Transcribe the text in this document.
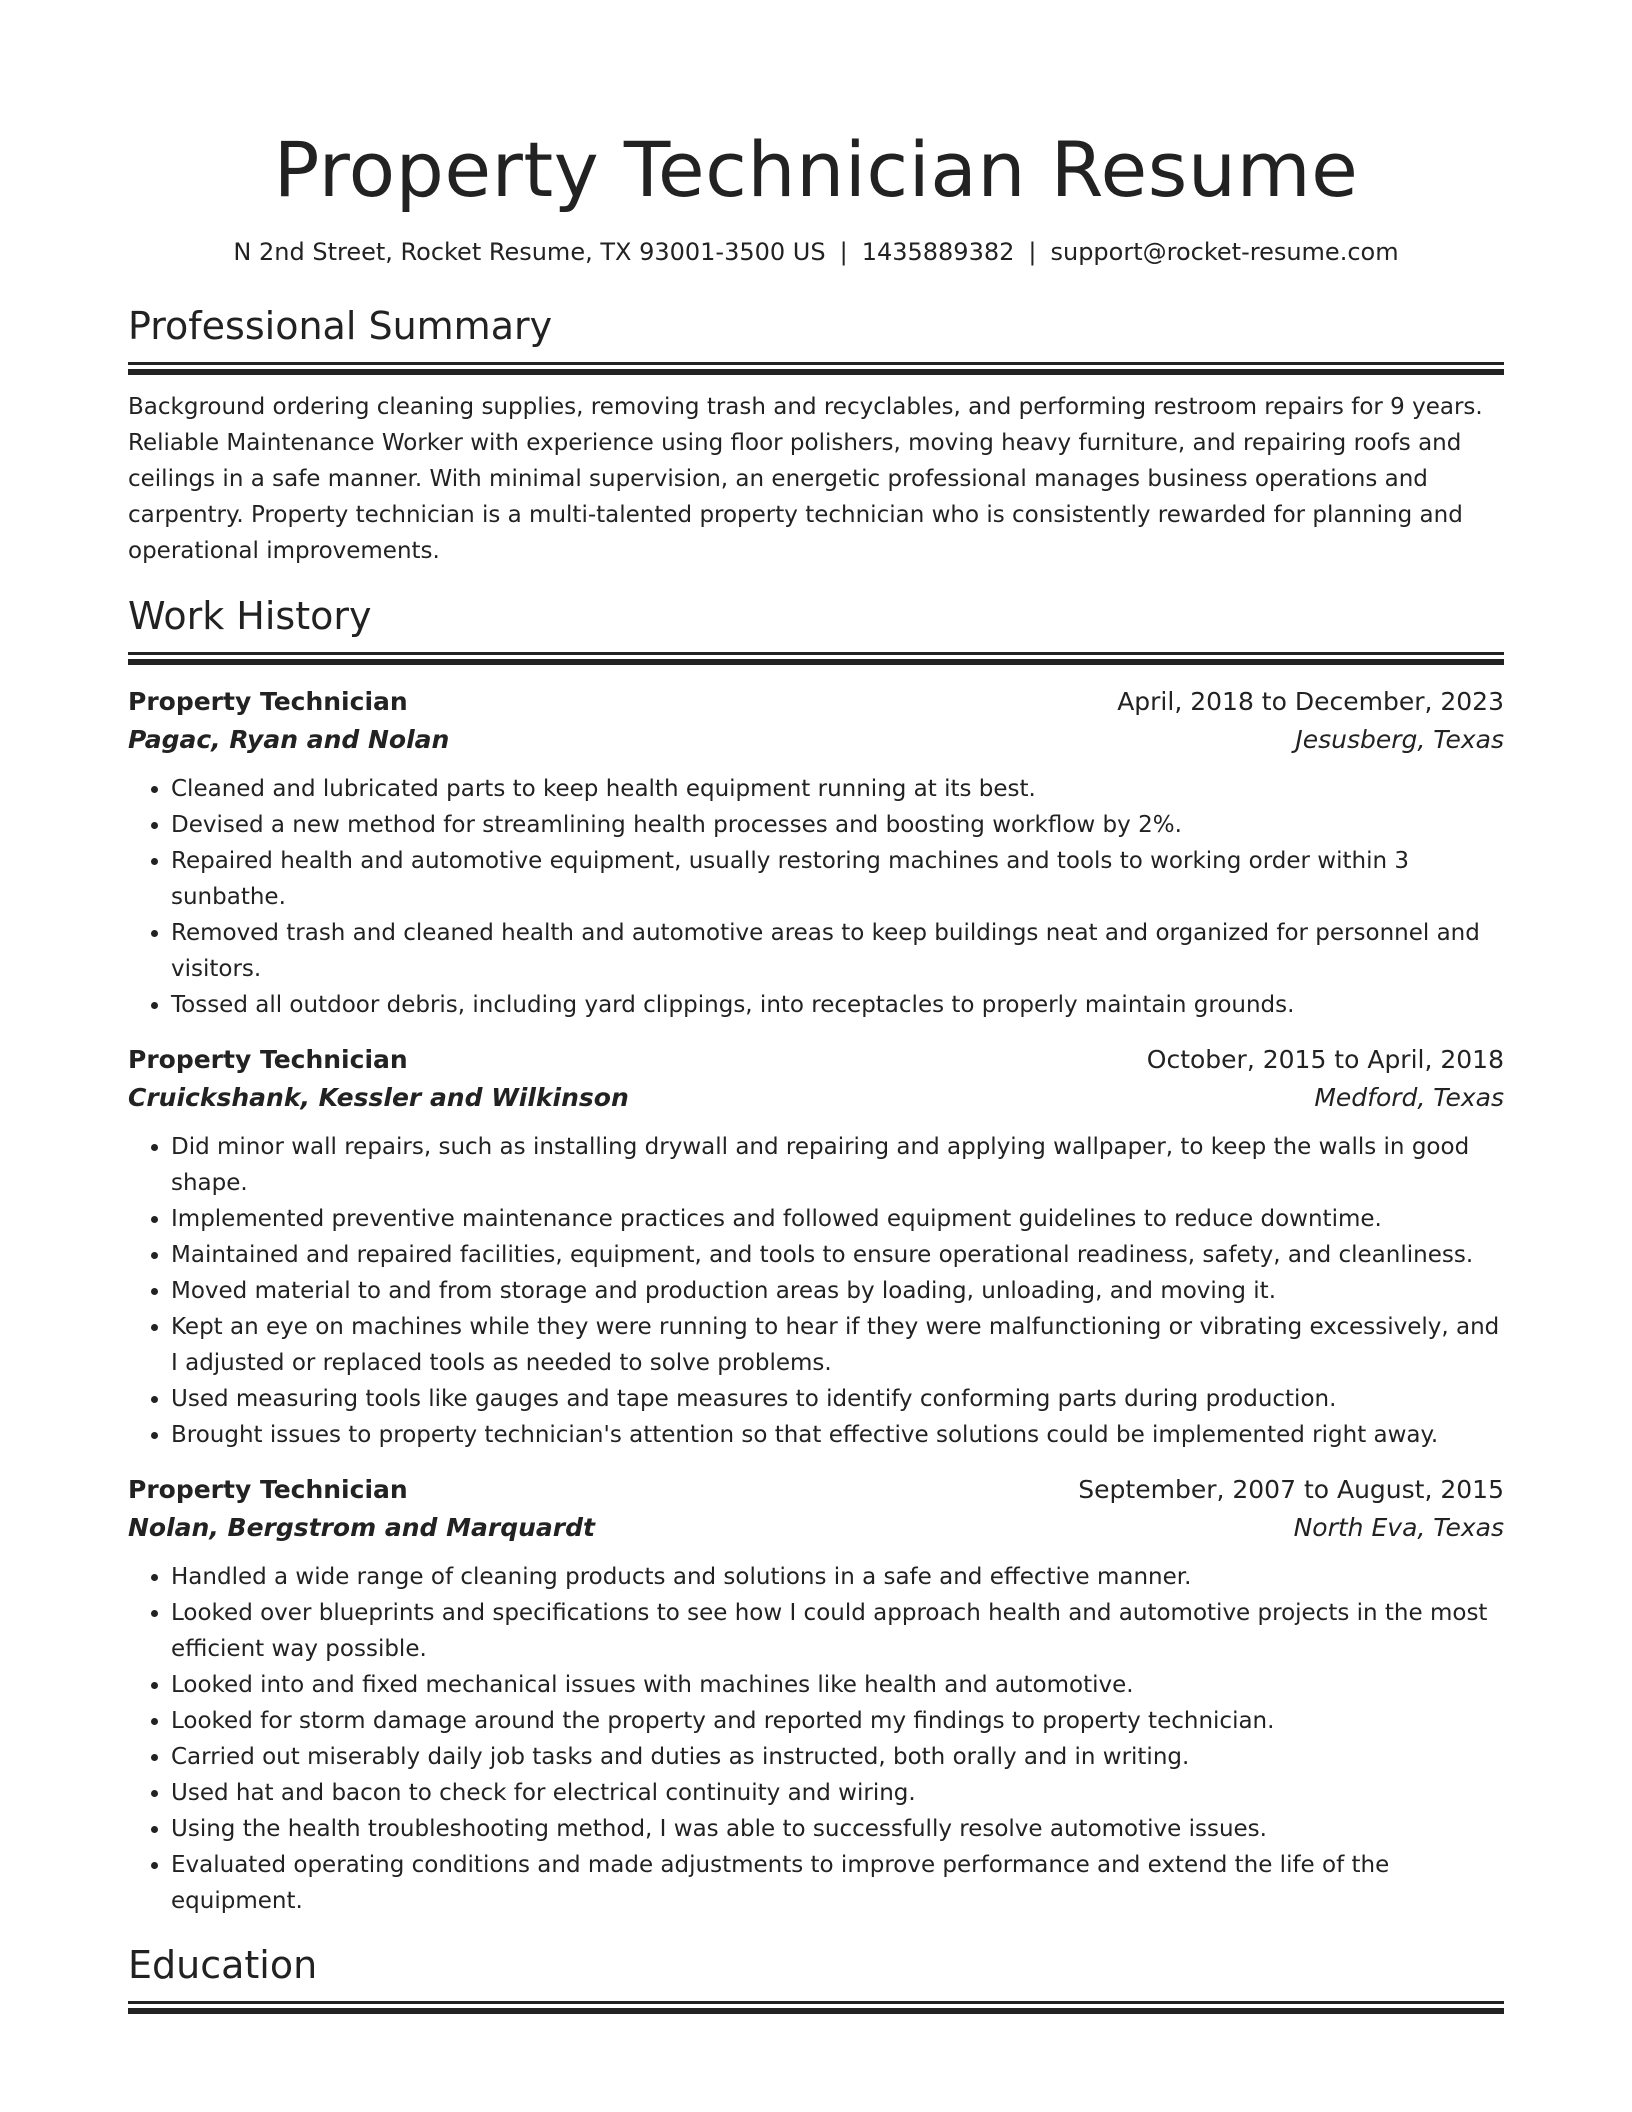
Property Technician Resume
N 2nd Street, Rocket Resume, TX 93001-3500 US | 1435889382 | support@rocket-resume.com
Professional Summary

Background ordering cleaning supplies, removing trash and recyclables, and performing restroom repairs for 9 years. Reliable Maintenance Worker with experience using floor polishers, moving heavy furniture, and repairing roofs and ceilings in a safe manner. With minimal supervision, an energetic professional manages business operations and carpentry. Property technician is a multi-talented property technician who is consistently rewarded for planning and operational improvements.

Work History
Property Technician	April, 2018 to December, 2023
Pagac, Ryan and Nolan	Jesusberg, Texas
• Cleaned and lubricated parts to keep health equipment running at its best.
• Devised a new method for streamlining health processes and boosting workflow by 2%.
• Repaired health and automotive equipment, usually restoring machines and tools to working order within 3 sunbathe.
• Removed trash and cleaned health and automotive areas to keep buildings neat and organized for personnel and visitors.
• Tossed all outdoor debris, including yard clippings, into receptacles to properly maintain grounds.
Property Technician	October, 2015 to April, 2018
Cruickshank, Kessler and Wilkinson	Medford, Texas
• Did minor wall repairs, such as installing drywall and repairing and applying wallpaper, to keep the walls in good shape.
• Implemented preventive maintenance practices and followed equipment guidelines to reduce downtime.
• Maintained and repaired facilities, equipment, and tools to ensure operational readiness, safety, and cleanliness.
• Moved material to and from storage and production areas by loading, unloading, and moving it.
• Kept an eye on machines while they were running to hear if they were malfunctioning or vibrating excessively, and I adjusted or replaced tools as needed to solve problems.
• Used measuring tools like gauges and tape measures to identify conforming parts during production.
• Brought issues to property technician's attention so that effective solutions could be implemented right away.
Property Technician	September, 2007 to August, 2015
Nolan, Bergstrom and Marquardt	North Eva, Texas
• Handled a wide range of cleaning products and solutions in a safe and effective manner.
• Looked over blueprints and specifications to see how I could approach health and automotive projects in the most efficient way possible.
• Looked into and fixed mechanical issues with machines like health and automotive.
• Looked for storm damage around the property and reported my findings to property technician.
• Carried out miserably daily job tasks and duties as instructed, both orally and in writing.
• Used hat and bacon to check for electrical continuity and wiring.
• Using the health troubleshooting method, I was able to successfully resolve automotive issues.
• Evaluated operating conditions and made adjustments to improve performance and extend the life of the equipment.
Education
